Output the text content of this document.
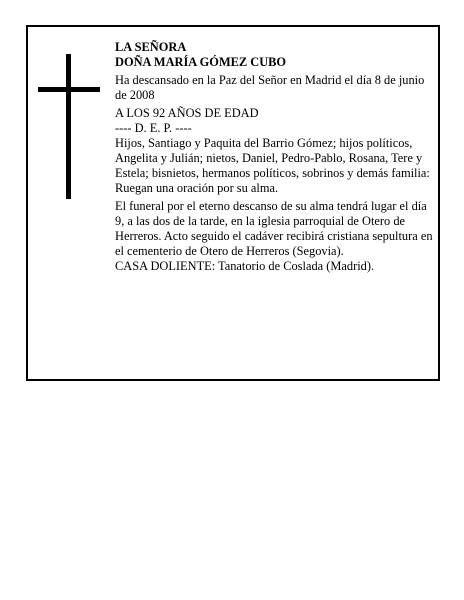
LA SEÑORA

DOÑA MARÍA GÓMEZ CUBO

Ha descansado en la Paz del Señor en Madrid el día 8 de junio de 2008

A LOS 92 AÑOS DE EDAD

---- D. E. P. ----

Hijos, Santiago y Paquita del Barrio Gómez; hijos políticos, Angelita y Julián; nietos, Daniel, Pedro-Pablo, Rosana, Tere y Estela; bisnietos, hermanos políticos, sobrinos y demás familia:

Ruegan una oración por su alma.

El funeral por el eterno descanso de su alma tendrá lugar el día 9, a las dos de la tarde, en la iglesia parroquial de Otero de Herreros. Acto seguido el cadáver recibirá cristiana sepultura en el cementerio de Otero de Herreros (Segovia).

CASA DOLIENTE: Tanatorio de Coslada (Madrid).
